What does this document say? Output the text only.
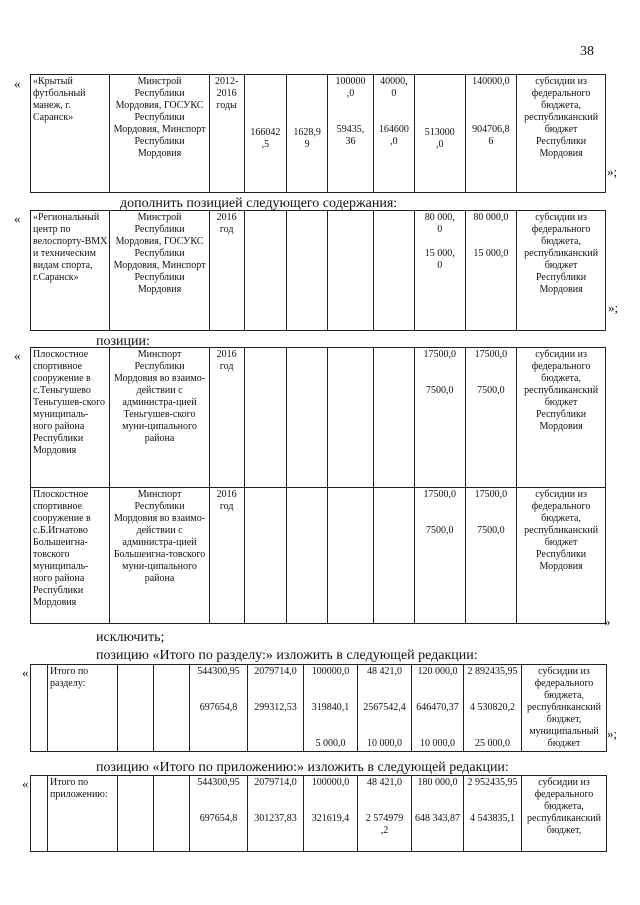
38
« «Крытый футбольный манеж, г. Саранск»	Минстрой Республики Мордовия, ГОСУКС Республики Мордовия, Минспорт Республики Мордовия	2012-2016 годы	166042
,5	1628,9
9	100000
,0

59435,
36	40000,
0

164600
,0	513000
,0	140000,0

904706,8
6	субсидии из федерального бюджета, республиканский бюджет Республики Мордовия
»;
дополнить позицией следующего содержания:
« «Региональный центр по велоспорту-ВМХ и техническим видам спорта, г.Саранск»	Минстрой Республики Мордовия, ГОСУКС Республики Мордовия, Минспорт Республики Мордовия	2016 год					80 000,
0

15 000,
0	80 000,0

15 000,0	субсидии из федерального бюджета, республиканский бюджет Республики Мордовия
»;
позиции:
« Плоскостное спортивное сооружение в с.Теньгушево Теньгушев-ского муниципаль-ного района Республики Мордовия	Минспорт Республики Мордовия во взаимо-действии с администра-цией Теньгушев-ского муни-ципального района	2016 год					17500,0

7500,0	17500,0

7500,0	субсидии из федерального бюджета, республиканский бюджет Республики Мордовия
Плоскостное спортивное сооружение в с.Б.Игнатово Большеигна-товского муниципаль-ного района Республики Мордовия	Минспорт Республики Мордовия во взаимо-действии с администра-цией Большеигна-товского муни-ципального района	2016 год					17500,0

7500,0	17500,0

7500,0	субсидии из федерального бюджета, республиканский бюджет Республики Мордовия
»
исключить;
позицию «Итого по разделу:» изложить в следующей редакции:
«
	Итого по разделу:			544300,95

697654,8	2079714,0

299312,53	100000,0

319840,1

5 000,0	48 421,0

2567542,4

10 000,0	120 000,0

646470,37

10 000,0	2 892435,95

4 530820,2

25 000,0	субсидии из федерального бюджета, республиканский бюджет, муниципальный бюджет
»;
позицию «Итого по приложению:» изложить в следующей редакции:
«
	Итого по приложению:			544300,95

697654,8	2079714,0

301237,83	100000,0

321619,4	48 421,0

2 574979
,2	180 000,0

648 343,87	2 952435,95

4 543835,1	субсидии из федерального бюджета, республиканский бюджет,
